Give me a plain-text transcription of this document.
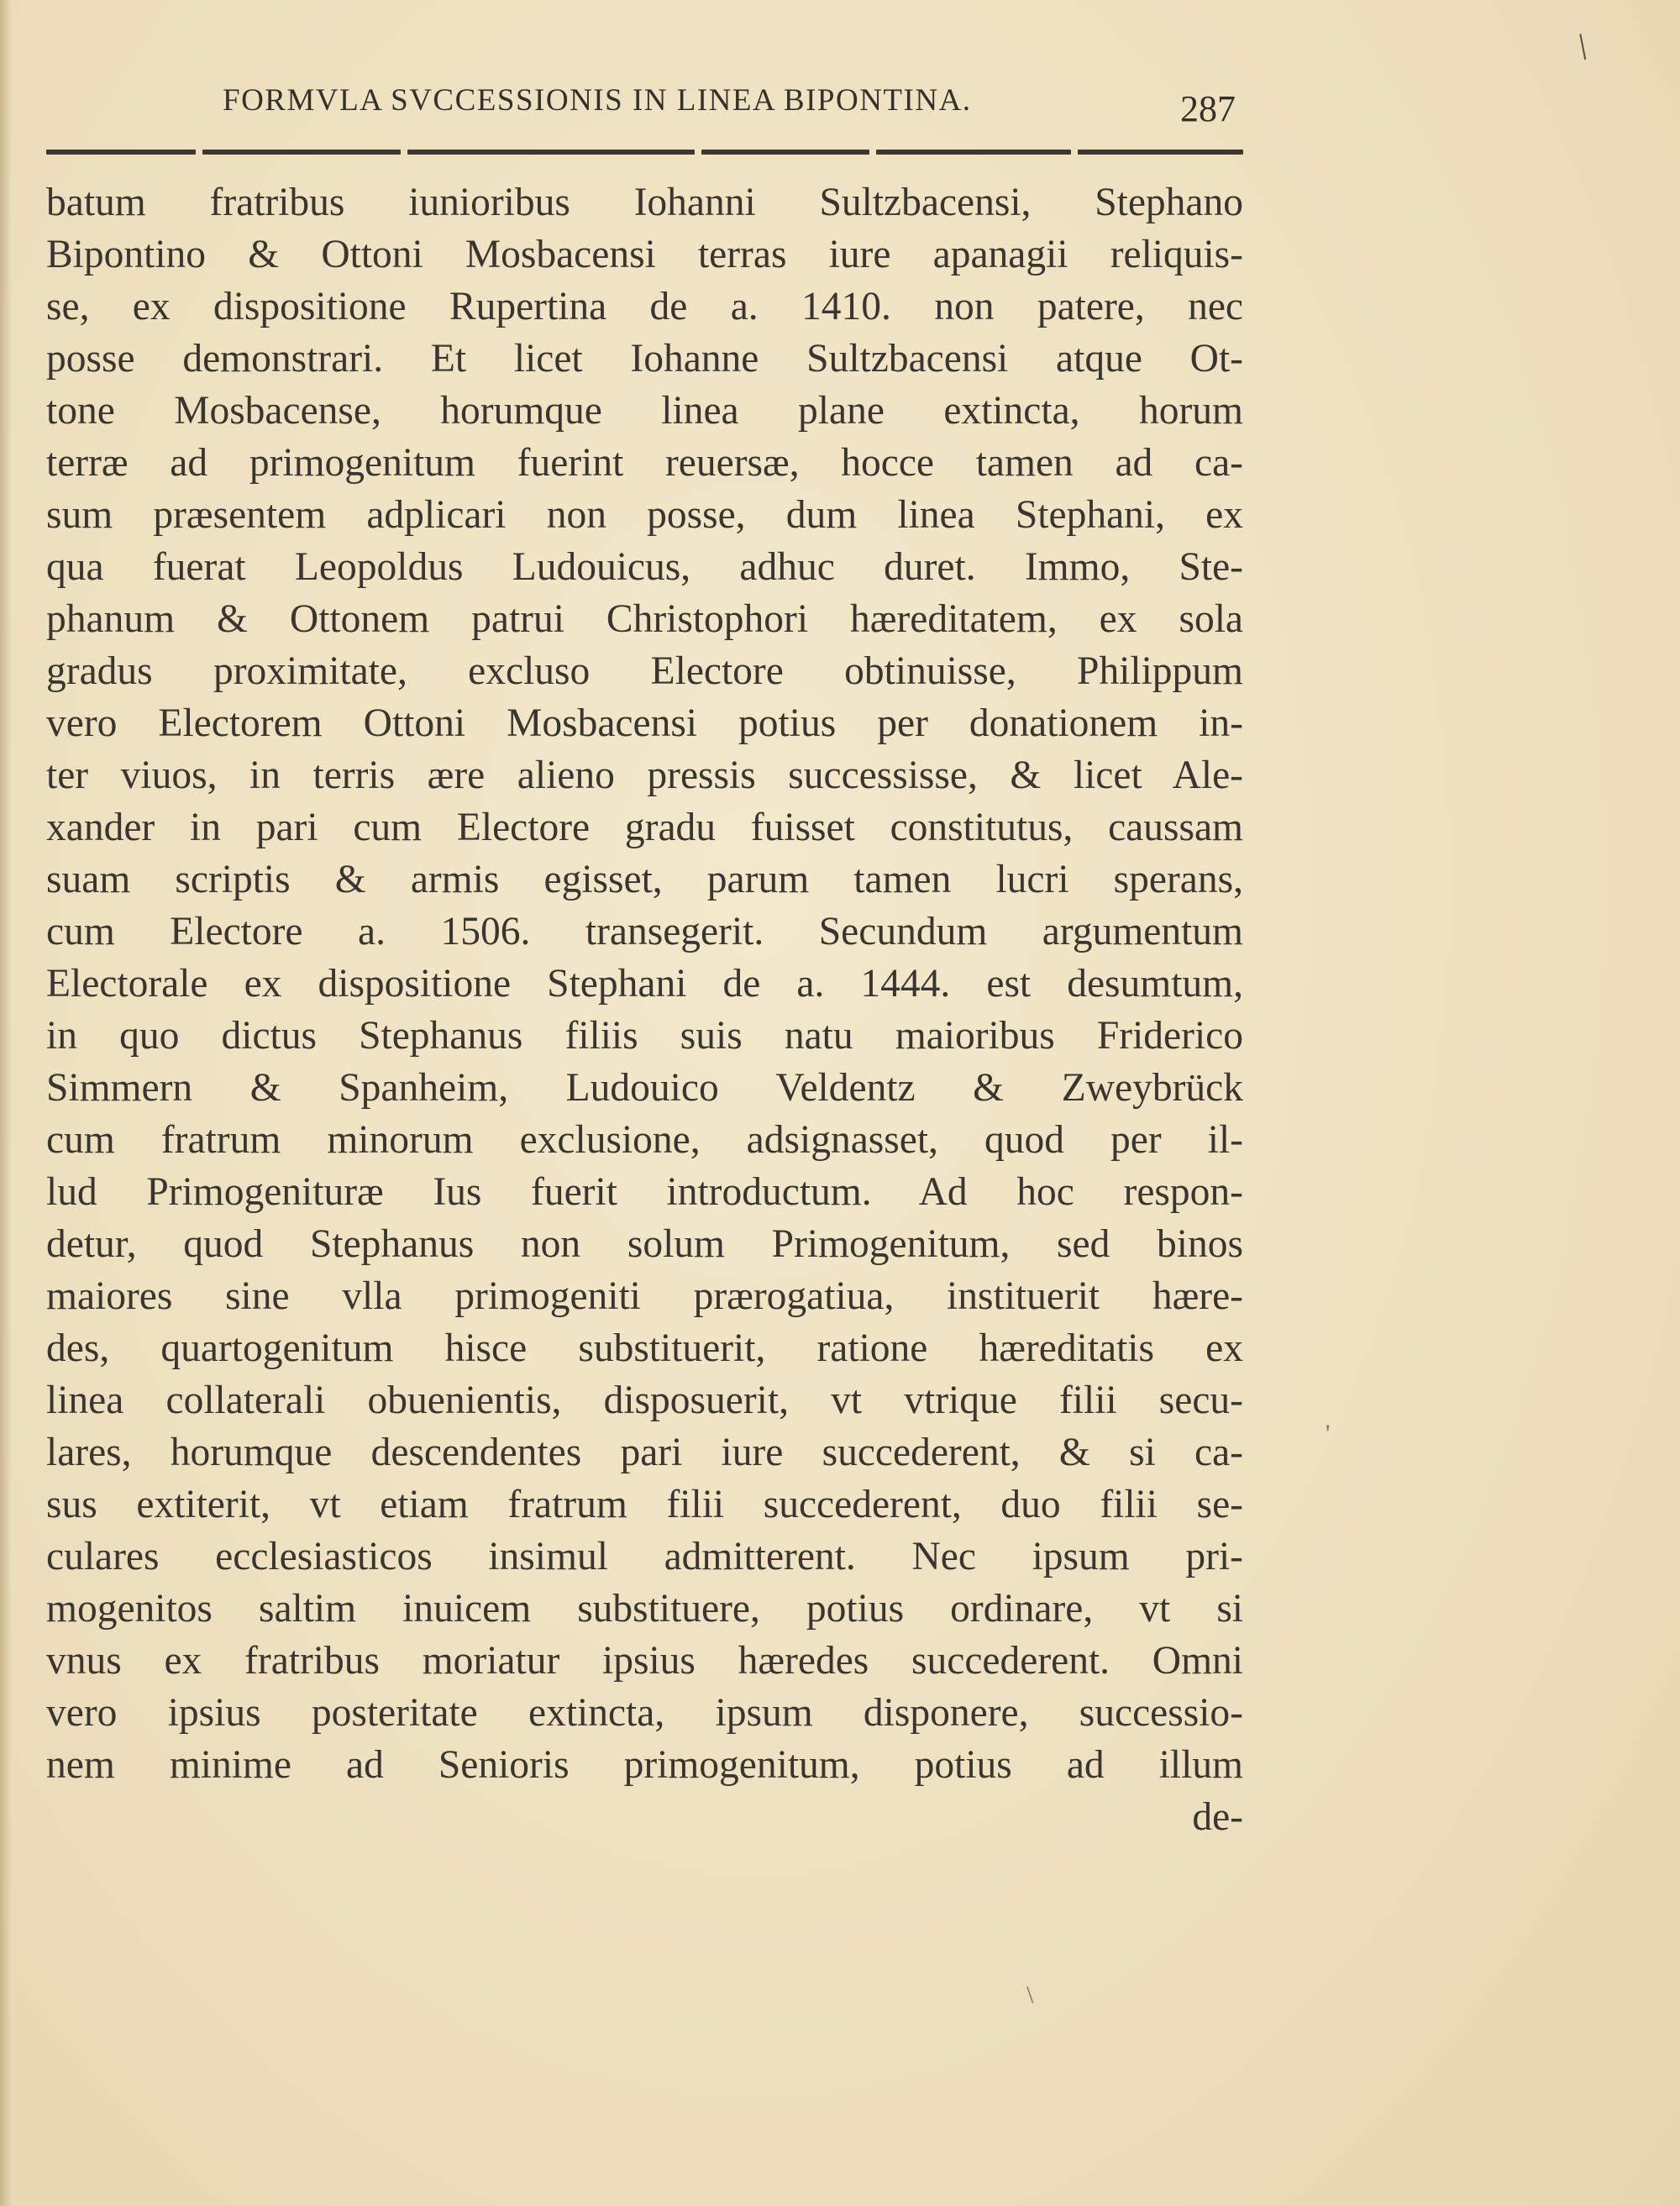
/
'
\
FORMVLA SVCCESSIONIS IN LINEA BIPONTINA.	287
batum fratribus iunioribus Iohanni Sultzbacensi, Stephano
Bipontino & Ottoni Mosbacensi terras iure apanagii reliquis-
se, ex dispositione Rupertina de a. 1410. non patere, nec
posse demonstrari. Et licet Iohanne Sultzbacensi atque Ot-
tone Mosbacense, horumque linea plane extincta, horum
terræ ad primogenitum fuerint reuersæ, hocce tamen ad ca-
sum præsentem adplicari non posse, dum linea Stephani, ex
qua fuerat Leopoldus Ludouicus, adhuc duret. Immo, Ste-
phanum & Ottonem patrui Christophori hæreditatem, ex sola
gradus proximitate, excluso Electore obtinuisse, Philippum
vero Electorem Ottoni Mosbacensi potius per donationem in-
ter viuos, in terris ære alieno pressis successisse, & licet Ale-
xander in pari cum Electore gradu fuisset constitutus, caussam
suam scriptis & armis egisset, parum tamen lucri sperans,
cum Electore a. 1506. transegerit. Secundum argumentum
Electorale ex dispositione Stephani de a. 1444. est desumtum,
in quo dictus Stephanus filiis suis natu maioribus Friderico
Simmern & Spanheim, Ludouico Veldentz & Zweybrück
cum fratrum minorum exclusione, adsignasset, quod per il-
lud Primogenituræ Ius fuerit introductum. Ad hoc respon-
detur, quod Stephanus non solum Primogenitum, sed binos
maiores sine vlla primogeniti prærogatiua, instituerit hære-
des, quartogenitum hisce substituerit, ratione hæreditatis ex
linea collaterali obuenientis, disposuerit, vt vtrique filii secu-
lares, horumque descendentes pari iure succederent, & si ca-
sus extiterit, vt etiam fratrum filii succederent, duo filii se-
culares ecclesiasticos insimul admitterent. Nec ipsum pri-
mogenitos saltim inuicem substituere, potius ordinare, vt si
vnus ex fratribus moriatur ipsius hæredes succederent. Omni
vero ipsius posteritate extincta, ipsum disponere, successio-
nem minime ad Senioris primogenitum, potius ad illum
de-
